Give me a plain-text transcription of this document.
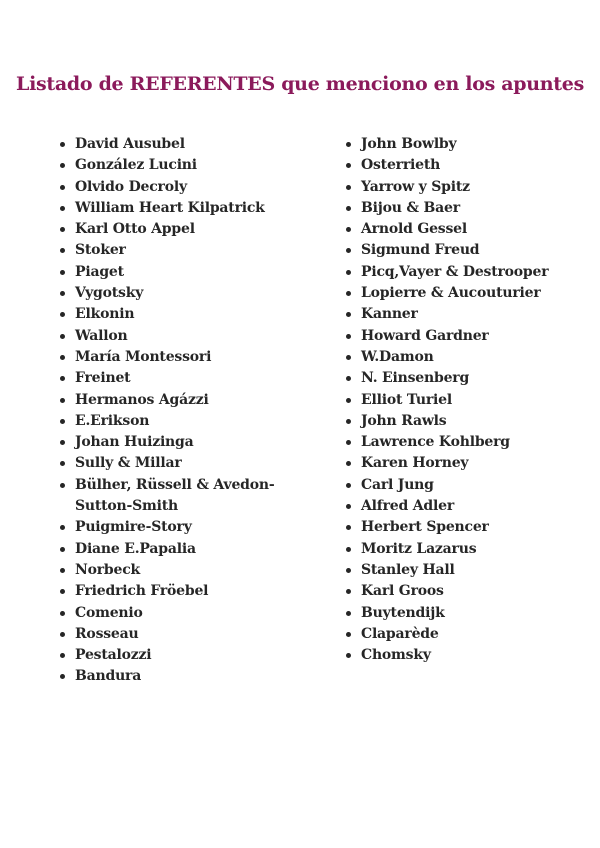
Listado de REFERENTES que menciono en los apuntes
David Ausubel
González Lucini
Olvido Decroly
William Heart Kilpatrick
Karl Otto Appel
Stoker
Piaget
Vygotsky
Elkonin
Wallon
María Montessori
Freinet
Hermanos Agázzi
E.Erikson
Johan Huizinga
Sully & Millar
Bülher, Rüssell & Avedon-Sutton-Smith
Puigmire-Story
Diane E.Papalia
Norbeck
Friedrich Fröebel
Comenio
Rosseau
Pestalozzi
Bandura
John Bowlby
Osterrieth
Yarrow y Spitz
Bijou & Baer
Arnold Gessel
Sigmund Freud
Picq,Vayer & Destrooper
Lopierre & Aucouturier
Kanner
Howard Gardner
W.Damon
N. Einsenberg
Elliot Turiel
John Rawls
Lawrence Kohlberg
Karen Horney
Carl Jung
Alfred Adler
Herbert Spencer
Moritz Lazarus
Stanley Hall
Karl Groos
Buytendijk
Claparède
Chomsky
